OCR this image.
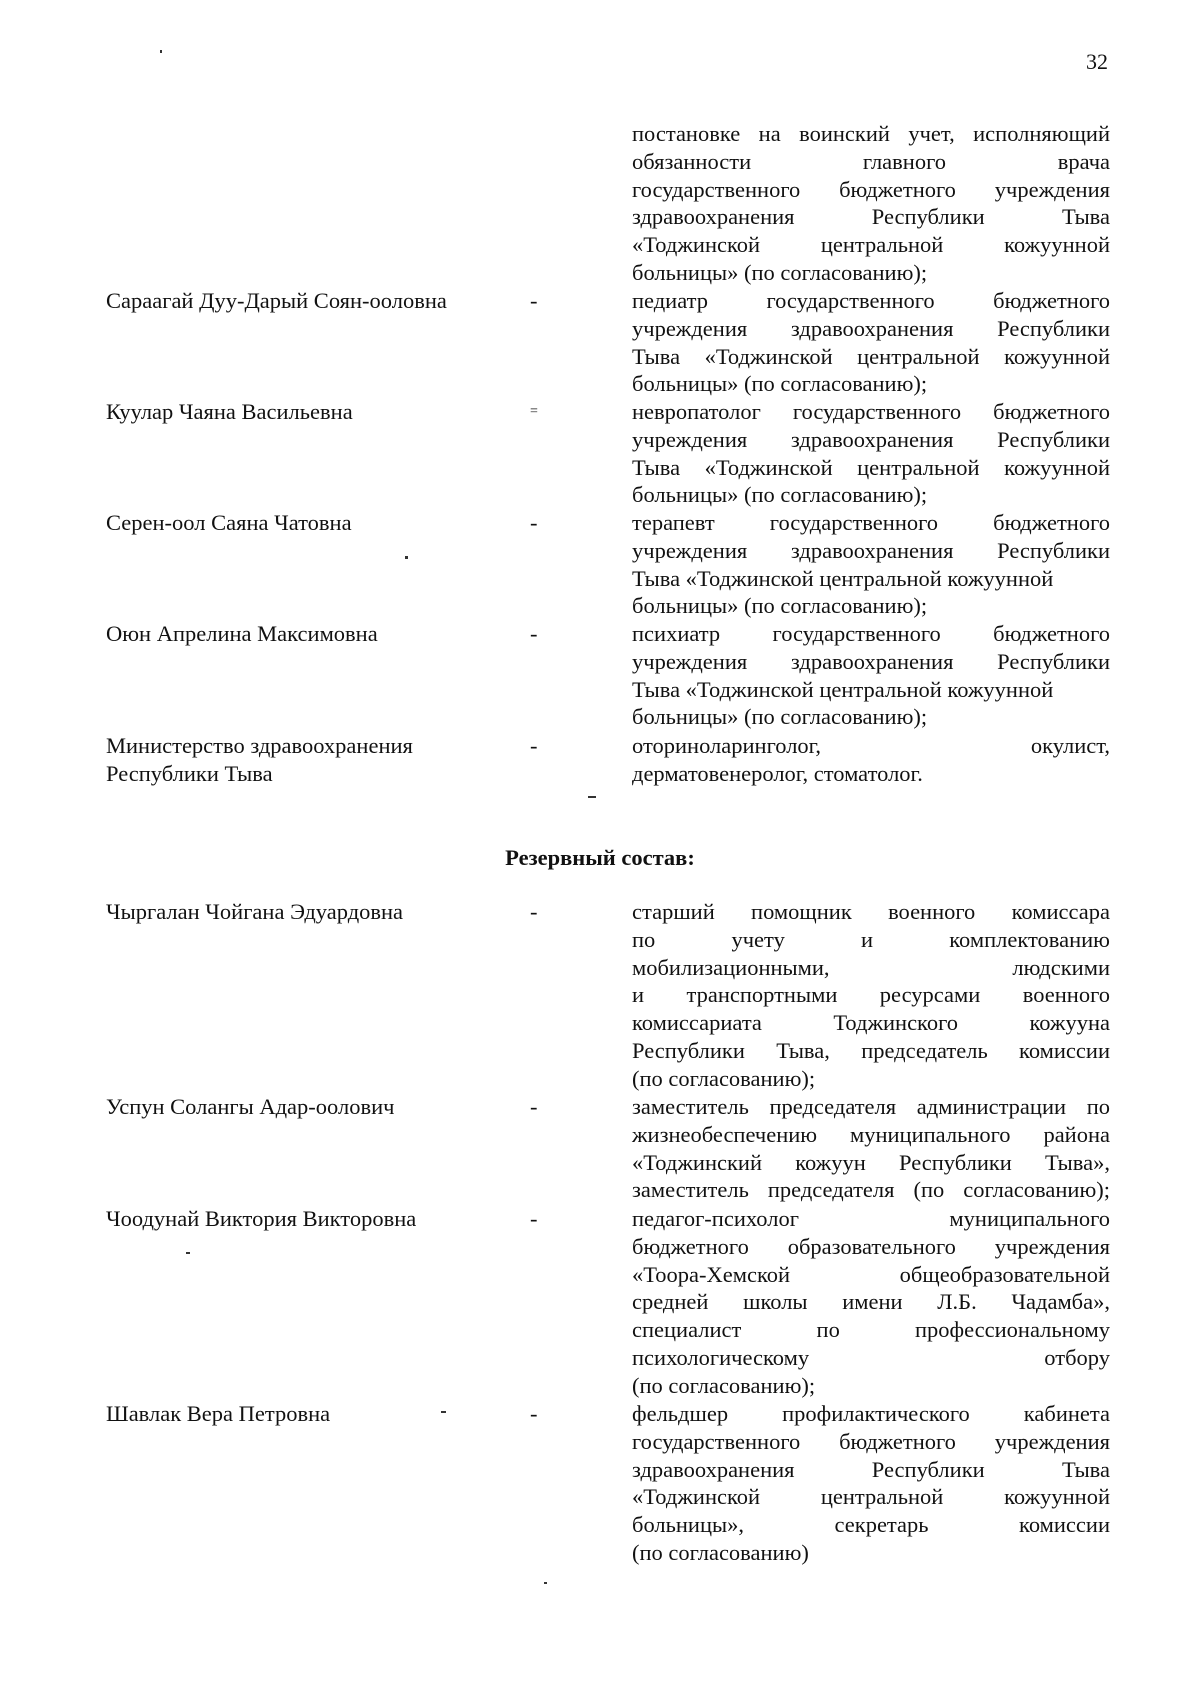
32
постановке на воинский учет, исполняющий
обязанности главного врача
государственного бюджетного учреждения
здравоохранения Республики Тыва
«Тоджинской центральной кожуунной
больницы» (по согласованию);
Сараагай Дуу-Дарый Соян-ооловна	-	педиатр государственного бюджетного
учреждения здравоохранения Республики
Тыва «Тоджинской центральной кожуунной
больницы» (по согласованию);
Куулар Чаяна Васильевна	=	невропатолог государственного бюджетного
учреждения здравоохранения Республики
Тыва «Тоджинской центральной кожуунной
больницы» (по согласованию);
Серен-оол Саяна Чатовна	-	терапевт государственного бюджетного
учреждения здравоохранения Республики
Тыва «Тоджинской центральной кожуунной
больницы» (по согласованию);
Оюн Апрелина Максимовна	-	психиатр государственного бюджетного
учреждения здравоохранения Республики
Тыва «Тоджинской центральной кожуунной
больницы» (по согласованию);
Министерство здравоохранения
Республики Тыва
-	оториноларинголог, окулист,
дерматовенеролог, стоматолог.
Резервный состав:
Чыргалан Чойгана Эдуардовна	-	старший помощник военного комиссара
по учету и комплектованию
мобилизационными, людскими
и транспортными ресурсами военного
комиссариата Тоджинского кожууна
Республики Тыва, председатель комиссии
(по согласованию);
Успун Солангы Адар-оолович	-	заместитель председателя администрации по
жизнеобеспечению муниципального района
«Тоджинский кожуун Республики Тыва»,
заместитель председателя (по согласованию);
Чоодунай Виктория Викторовна	-	педагог-психолог муниципального
бюджетного образовательного учреждения
«Тоора-Хемской общеобразовательной
средней школы имени Л.Б. Чадамба»,
специалист по профессиональному
психологическому отбору
(по согласованию);
Шавлак Вера Петровна	-	фельдшер профилактического кабинета
государственного бюджетного учреждения
здравоохранения Республики Тыва
«Тоджинской центральной кожуунной
больницы», секретарь комиссии
(по согласованию)
